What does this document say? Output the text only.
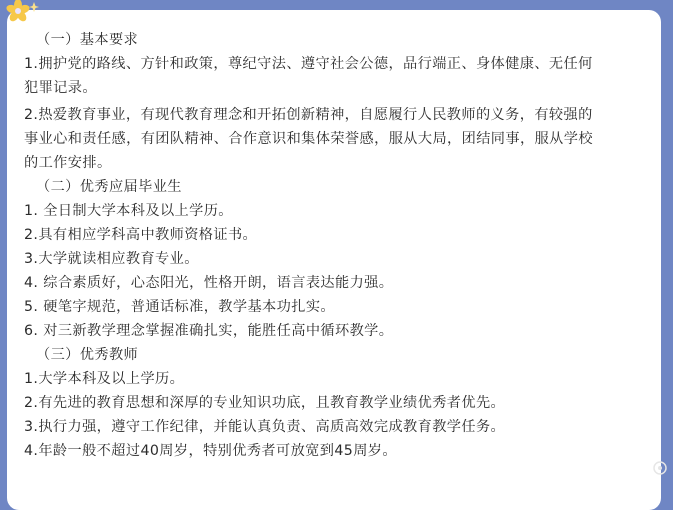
（一）基本要求
1.拥护党的路线、方针和政策，尊纪守法、遵守社会公德，品行端正、身体健康、无任何
犯罪记录。
2.热爱教育事业，有现代教育理念和开拓创新精神，自愿履行人民教师的义务，有较强的
事业心和责任感，有团队精神、合作意识和集体荣誉感，服从大局，团结同事，服从学校
的工作安排。
（二）优秀应届毕业生
1. 全日制大学本科及以上学历。
2.具有相应学科高中教师资格证书。
3.大学就读相应教育专业。
4. 综合素质好，心态阳光，性格开朗，语言表达能力强。
5. 硬笔字规范，普通话标准，教学基本功扎实。
6. 对三新教学理念掌握准确扎实，能胜任高中循环教学。
（三）优秀教师
1.大学本科及以上学历。
2.有先进的教育思想和深厚的专业知识功底，且教育教学业绩优秀者优先。
3.执行力强，遵守工作纪律，并能认真负责、高质高效完成教育教学任务。
4.年龄一般不超过40周岁，特别优秀者可放宽到45周岁。
